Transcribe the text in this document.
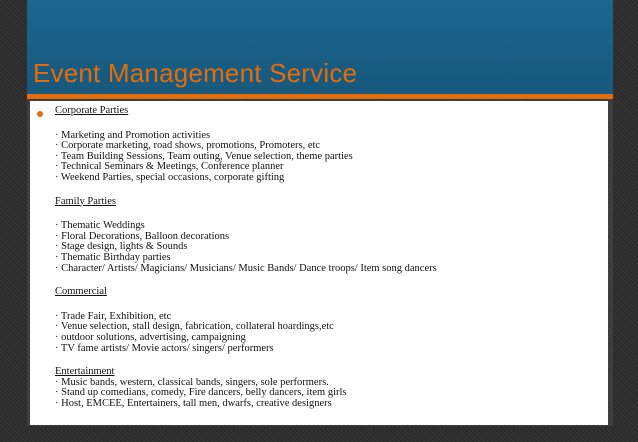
Event Management Service

Corporate Parties

· Marketing and Promotion activities

· Corporate marketing, road shows, promotions, Promoters, etc

· Team Building Sessions, Team outing, Venue selection, theme parties

· Technical Seminars & Meetings, Conference planner

· Weekend Parties, special occasions, corporate gifting

Family Parties

· Thematic Weddings

· Floral Decorations, Balloon decorations

· Stage design, lights & Sounds

· Thematic Birthday parties

· Character/ Artists/ Magicians/ Musicians/ Music Bands/ Dance troops/ Item song dancers

Commercial

· Trade Fair, Exhibition, etc

· Venue selection, stall design, fabrication, collateral hoardings,etc

· outdoor solutions, advertising, campaigning

· TV fame artists/ Movie actors/ singers/ performers

Entertainment

· Music bands, western, classical bands, singers, sole performers.

· Stand up comedians, comedy, Fire dancers, belly dancers, item girls

· Host, EMCEE, Entertainers, tall men, dwarfs, creative designers
